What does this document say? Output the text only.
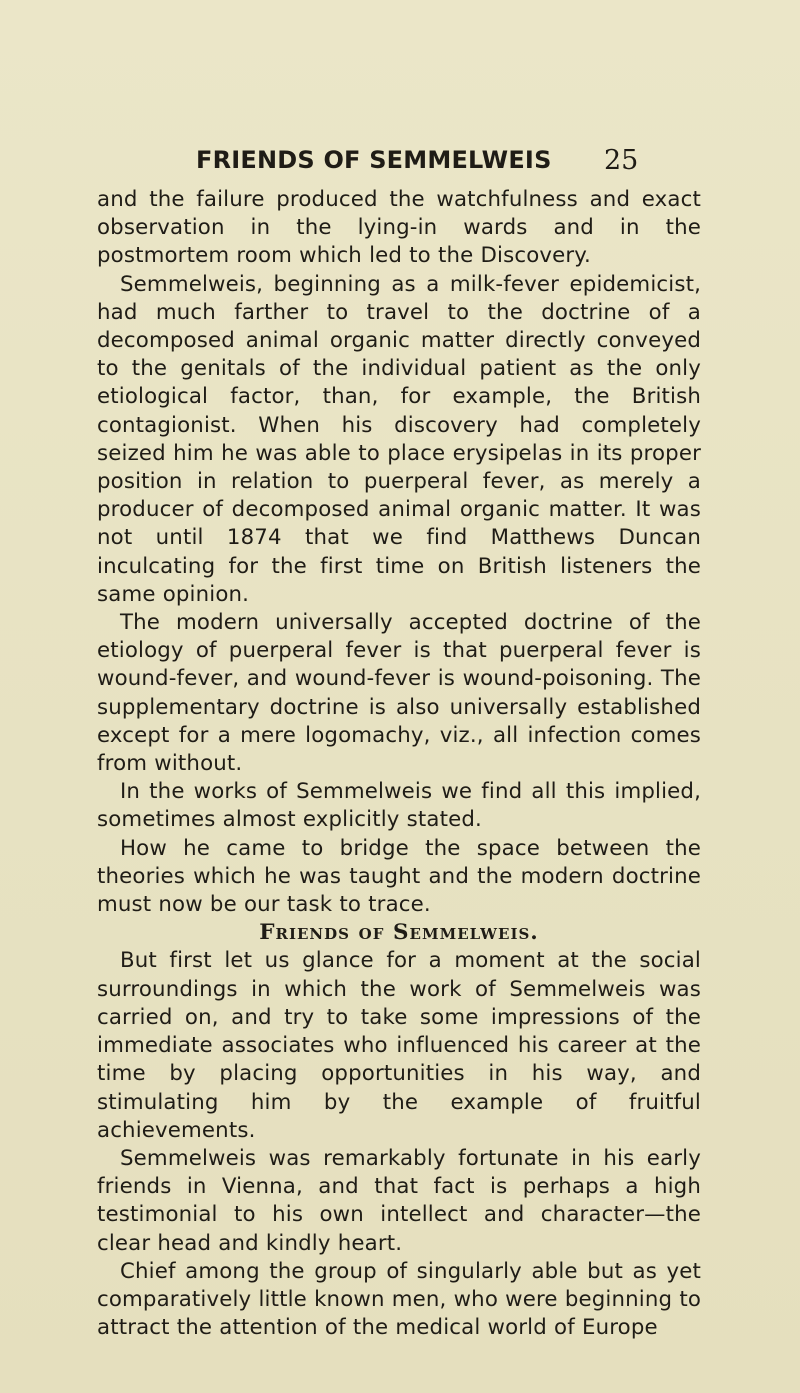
FRIENDS OF SEMMELWEIS	25

and the failure produced the watchfulness and exact observation in the lying-in wards and in the postmortem room which led to the Discovery.

Semmelweis, beginning as a milk-fever epidemicist, had much farther to travel to the doctrine of a decomposed animal organic matter directly conveyed to the genitals of the individual patient as the only etiological factor, than, for example, the British contagionist. When his discovery had completely seized him he was able to place erysipelas in its proper position in relation to puerperal fever, as merely a producer of decomposed animal organic matter. It was not until 1874 that we find Matthews Duncan inculcating for the first time on British listeners the same opinion.

The modern universally accepted doctrine of the etiology of puerperal fever is that puerperal fever is wound-fever, and wound-fever is wound-poisoning. The supplementary doctrine is also universally established except for a mere logomachy, viz., all infection comes from without.

In the works of Semmelweis we find all this implied, sometimes almost explicitly stated.

How he came to bridge the space between the theories which he was taught and the modern doctrine must now be our task to trace.

Friends of Semmelweis.

But first let us glance for a moment at the social surroundings in which the work of Semmelweis was carried on, and try to take some impressions of the immediate associates who influenced his career at the time by placing opportunities in his way, and stimulating him by the example of fruitful achievements.

Semmelweis was remarkably fortunate in his early friends in Vienna, and that fact is perhaps a high testimonial to his own intellect and character—the clear head and kindly heart.

Chief among the group of singularly able but as yet comparatively little known men, who were beginning to attract the attention of the medical world of Europe
